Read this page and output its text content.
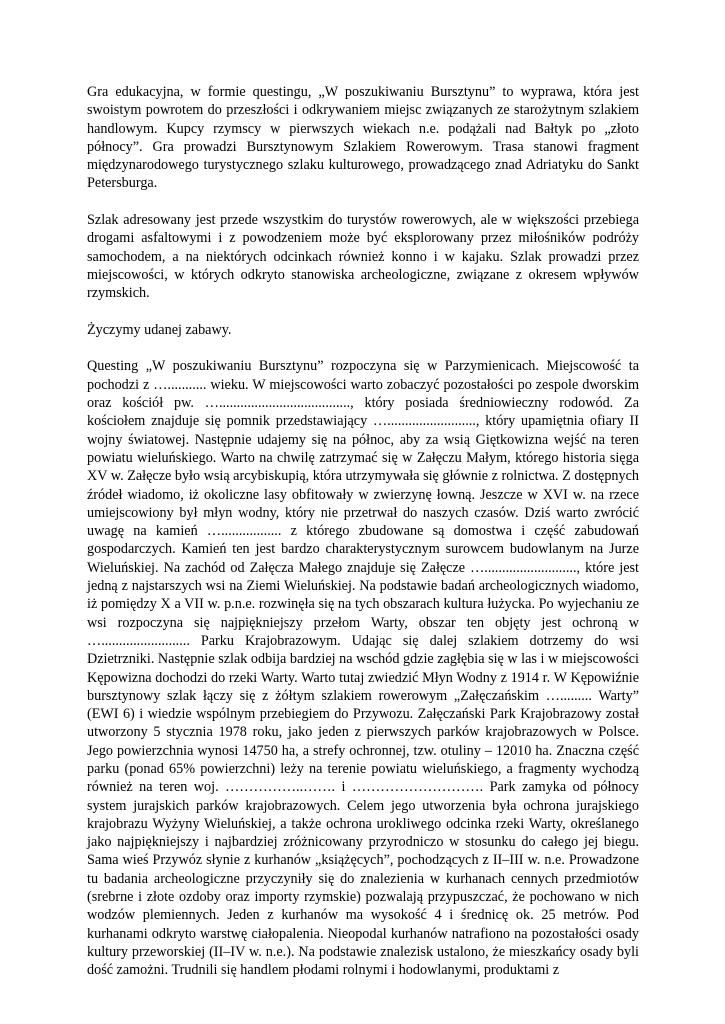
Gra edukacyjna, w formie questingu, „W poszukiwaniu Bursztynu” to wyprawa, która jest swoistym powrotem do przeszłości i odkrywaniem miejsc związanych ze starożytnym szlakiem handlowym. Kupcy rzymscy w pierwszych wiekach n.e. podążali nad Bałtyk po „złoto północy”. Gra prowadzi Bursztynowym Szlakiem Rowerowym. Trasa stanowi fragment międzynarodowego turystycznego szlaku kulturowego, prowadzącego znad Adriatyku do Sankt Petersburga.

Szlak adresowany jest przede wszystkim do turystów rowerowych, ale w większości przebiega drogami asfaltowymi i z powodzeniem może być eksplorowany przez miłośników podróży samochodem, a na niektórych odcinkach również konno i w kajaku. Szlak prowadzi przez miejscowości, w których odkryto stanowiska archeologiczne, związane z okresem wpływów rzymskich.

Życzymy udanej zabawy.

Questing „W poszukiwaniu Bursztynu” rozpoczyna się w Parzymienicach. Miejscowość ta pochodzi z …........... wieku. W miejscowości warto zobaczyć pozostałości po zespole dworskim oraz kościół pw. …....................................., który posiada średniowieczny rodowód. Za kościołem znajduje się pomnik przedstawiający …........................., który upamiętnia ofiary II wojny światowej. Następnie udajemy się na północ, aby za wsią Giętkowizna wejść na teren powiatu wieluńskiego. Warto na chwilę zatrzymać się w Załęczu Małym, którego historia sięga XV w. Załęcze było wsią arcybiskupią, która utrzymywała się głównie z rolnictwa. Z dostępnych źródeł wiadomo, iż okoliczne lasy obfitowały w zwierzynę łowną. Jeszcze w XVI w. na rzece umiejscowiony był młyn wodny, który nie przetrwał do naszych czasów. Dziś warto zwrócić uwagę na kamień …................. z którego zbudowane są domostwa i część zabudowań gospodarczych. Kamień ten jest bardzo charakterystycznym surowcem budowlanym na Jurze Wieluńskiej. Na zachód od Załęcza Małego znajduje się Załęcze ….........................., które jest jedną z najstarszych wsi na Ziemi Wieluńskiej. Na podstawie badań archeologicznych wiadomo, iż pomiędzy X a VII w. p.n.e. rozwinęła się na tych obszarach kultura łużycka. Po wyjechaniu ze wsi rozpoczyna się najpiękniejszy przełom Warty, obszar ten objęty jest ochroną w …......................... Parku Krajobrazowym. Udając się dalej szlakiem dotrzemy do wsi Dzietrzniki. Następnie szlak odbija bardziej na wschód gdzie zagłębia się w las i w miejscowości Kępowizna dochodzi do rzeki Warty. Warto tutaj zwiedzić Młyn Wodny z 1914 r. W Kępowiźnie bursztynowy szlak łączy się z żółtym szlakiem rowerowym „Załęczańskim …......... Warty” (EWI 6) i wiedzie wspólnym przebiegiem do Przywozu. Załęczański Park Krajobrazowy został utworzony 5 stycznia 1978 roku, jako jeden z pierwszych parków krajobrazowych w Polsce. Jego powierzchnia wynosi 14750 ha, a strefy ochronnej, tzw. otuliny – 12010 ha. Znaczna część parku (ponad 65% powierzchni) leży na terenie powiatu wieluńskiego, a fragmenty wychodzą również na teren woj. ……………..……. i ………………………. Park zamyka od północy system jurajskich parków krajobrazowych. Celem jego utworzenia była ochrona jurajskiego krajobrazu Wyżyny Wieluńskiej, a także ochrona urokliwego odcinka rzeki Warty, określanego jako najpiękniejszy i najbardziej zróżnicowany przyrodniczo w stosunku do całego jej biegu. Sama wieś Przywóz słynie z kurhanów „książęcych”, pochodzących z II–III w. n.e. Prowadzone tu badania archeologiczne przyczyniły się do znalezienia w kurhanach cennych przedmiotów (srebrne i złote ozdoby oraz importy rzymskie) pozwalają przypuszczać, że pochowano w nich wodzów plemiennych. Jeden z kurhanów ma wysokość 4 i średnicę ok. 25 metrów. Pod kurhanami odkryto warstwę ciałopalenia. Nieopodal kurhanów natrafiono na pozostałości osady kultury przeworskiej (II–IV w. n.e.). Na podstawie znalezisk ustalono, że mieszkańcy osady byli dość zamożni. Trudnili się handlem płodami rolnymi i hodowlanymi, produktami z
